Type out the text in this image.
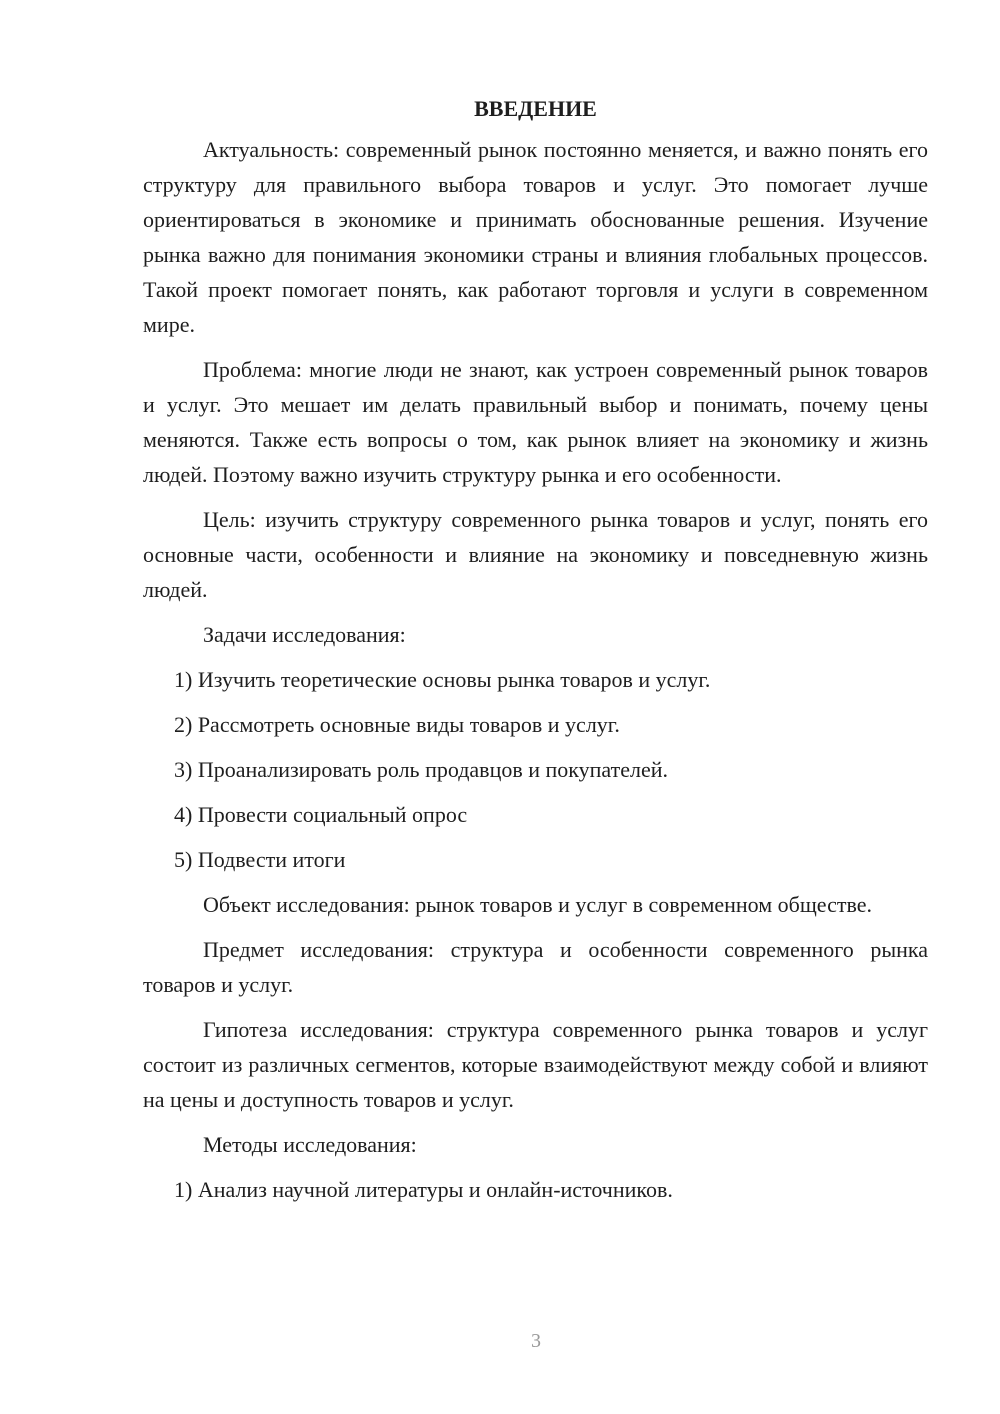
ВВЕДЕНИЕ

Актуальность: современный рынок постоянно меняется, и важно понять его структуру для правильного выбора товаров и услуг. Это помогает лучше ориентироваться в экономике и принимать обоснованные решения. Изучение рынка важно для понимания экономики страны и влияния глобальных процессов. Такой проект помогает понять, как работают торговля и услуги в современном мире.

Проблема: многие люди не знают, как устроен современный рынок товаров и услуг. Это мешает им делать правильный выбор и понимать, почему цены меняются. Также есть вопросы о том, как рынок влияет на экономику и жизнь людей. Поэтому важно изучить структуру рынка и его особенности.

Цель: изучить структуру современного рынка товаров и услуг, понять его основные части, особенности и влияние на экономику и повседневную жизнь людей.

Задачи исследования:
1) Изучить теоретические основы рынка товаров и услуг.
2) Рассмотреть основные виды товаров и услуг.
3) Проанализировать роль продавцов и покупателей.
4) Провести социальный опрос
5) Подвести итоги

Объект исследования: рынок товаров и услуг в современном обществе.

Предмет исследования: структура и особенности современного рынка товаров и услуг.

Гипотеза исследования: структура современного рынка товаров и услуг состоит из различных сегментов, которые взаимодействуют между собой и влияют на цены и доступность товаров и услуг.

Методы исследования:
1) Анализ научной литературы и онлайн-источников.
3
